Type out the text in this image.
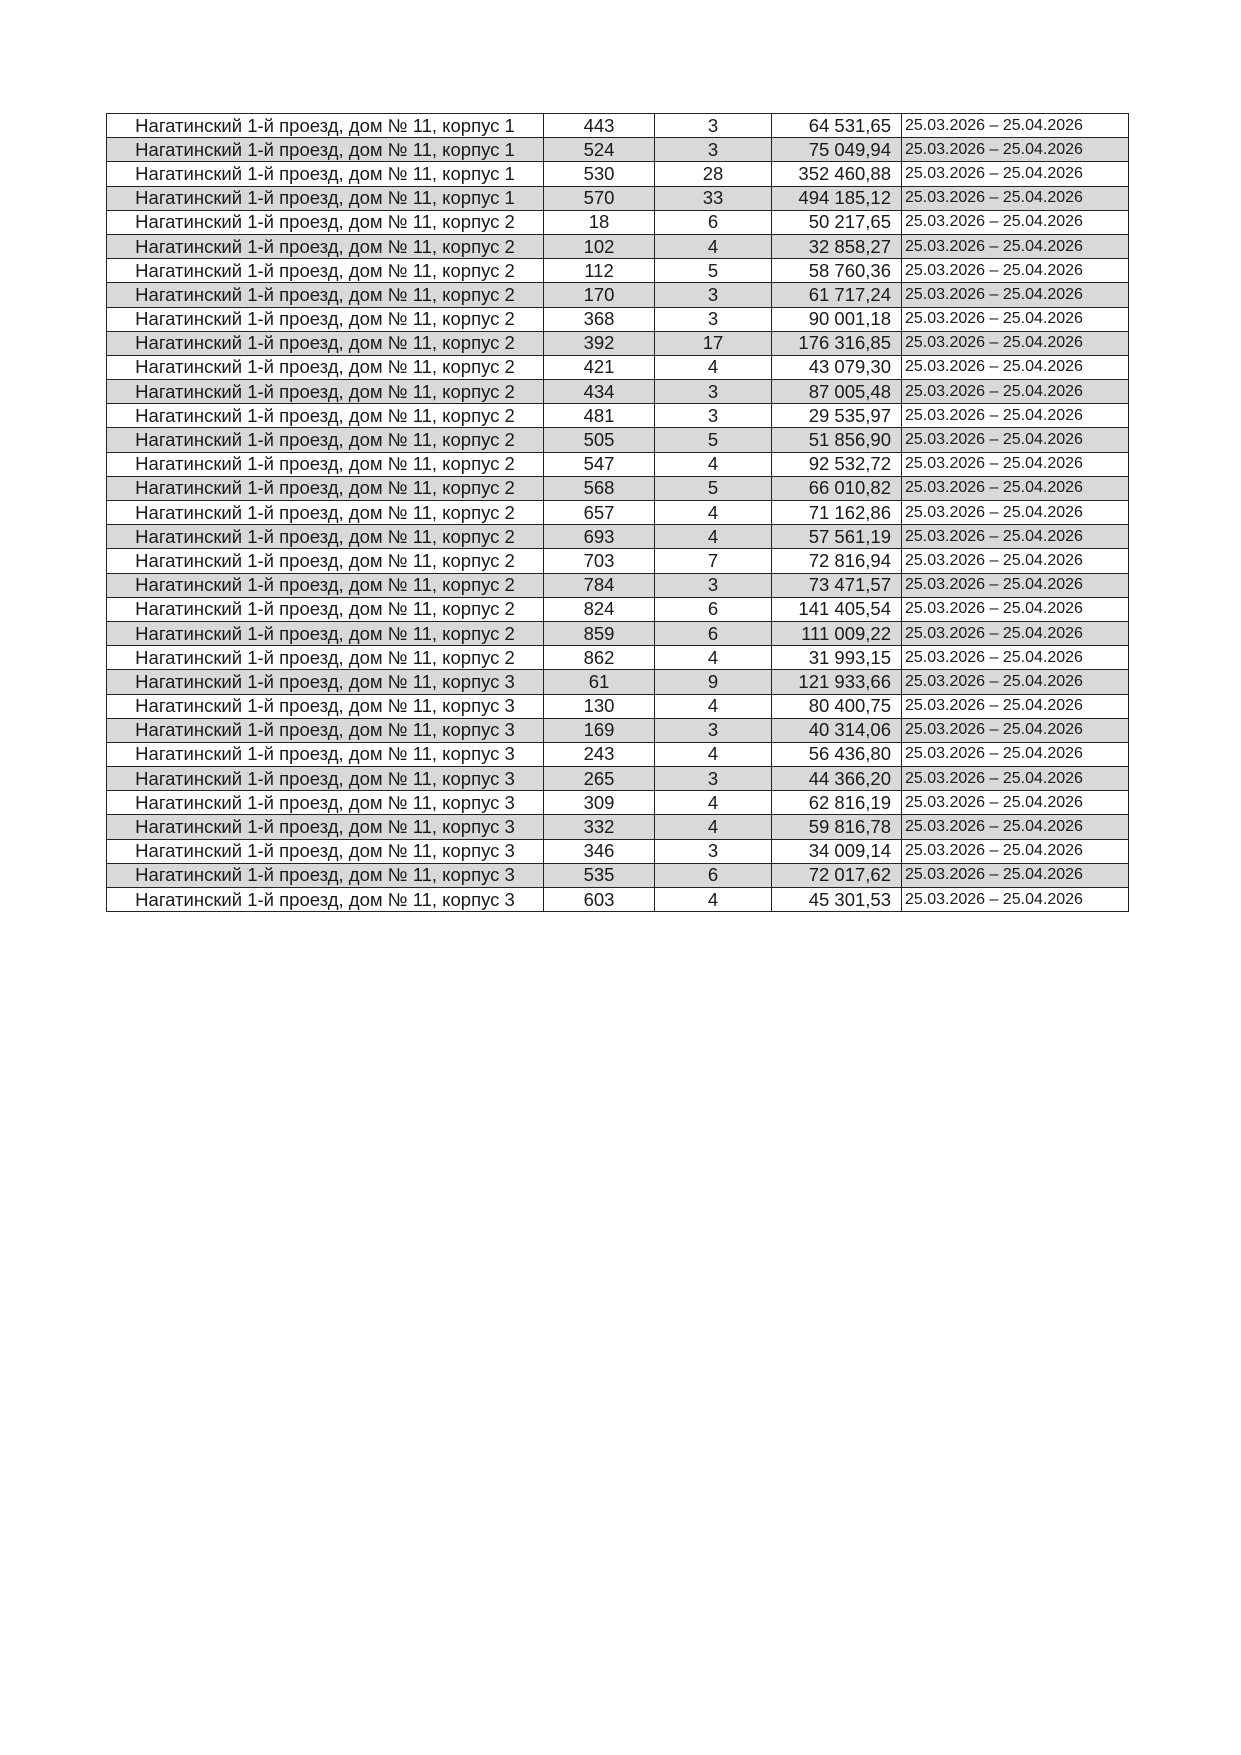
Нагатинский 1-й проезд, дом № 11, корпус 1	443	3	64 531,65	25.03.2026 – 25.04.2026
Нагатинский 1-й проезд, дом № 11, корпус 1	524	3	75 049,94	25.03.2026 – 25.04.2026
Нагатинский 1-й проезд, дом № 11, корпус 1	530	28	352 460,88	25.03.2026 – 25.04.2026
Нагатинский 1-й проезд, дом № 11, корпус 1	570	33	494 185,12	25.03.2026 – 25.04.2026
Нагатинский 1-й проезд, дом № 11, корпус 2	18	6	50 217,65	25.03.2026 – 25.04.2026
Нагатинский 1-й проезд, дом № 11, корпус 2	102	4	32 858,27	25.03.2026 – 25.04.2026
Нагатинский 1-й проезд, дом № 11, корпус 2	112	5	58 760,36	25.03.2026 – 25.04.2026
Нагатинский 1-й проезд, дом № 11, корпус 2	170	3	61 717,24	25.03.2026 – 25.04.2026
Нагатинский 1-й проезд, дом № 11, корпус 2	368	3	90 001,18	25.03.2026 – 25.04.2026
Нагатинский 1-й проезд, дом № 11, корпус 2	392	17	176 316,85	25.03.2026 – 25.04.2026
Нагатинский 1-й проезд, дом № 11, корпус 2	421	4	43 079,30	25.03.2026 – 25.04.2026
Нагатинский 1-й проезд, дом № 11, корпус 2	434	3	87 005,48	25.03.2026 – 25.04.2026
Нагатинский 1-й проезд, дом № 11, корпус 2	481	3	29 535,97	25.03.2026 – 25.04.2026
Нагатинский 1-й проезд, дом № 11, корпус 2	505	5	51 856,90	25.03.2026 – 25.04.2026
Нагатинский 1-й проезд, дом № 11, корпус 2	547	4	92 532,72	25.03.2026 – 25.04.2026
Нагатинский 1-й проезд, дом № 11, корпус 2	568	5	66 010,82	25.03.2026 – 25.04.2026
Нагатинский 1-й проезд, дом № 11, корпус 2	657	4	71 162,86	25.03.2026 – 25.04.2026
Нагатинский 1-й проезд, дом № 11, корпус 2	693	4	57 561,19	25.03.2026 – 25.04.2026
Нагатинский 1-й проезд, дом № 11, корпус 2	703	7	72 816,94	25.03.2026 – 25.04.2026
Нагатинский 1-й проезд, дом № 11, корпус 2	784	3	73 471,57	25.03.2026 – 25.04.2026
Нагатинский 1-й проезд, дом № 11, корпус 2	824	6	141 405,54	25.03.2026 – 25.04.2026
Нагатинский 1-й проезд, дом № 11, корпус 2	859	6	111 009,22	25.03.2026 – 25.04.2026
Нагатинский 1-й проезд, дом № 11, корпус 2	862	4	31 993,15	25.03.2026 – 25.04.2026
Нагатинский 1-й проезд, дом № 11, корпус 3	61	9	121 933,66	25.03.2026 – 25.04.2026
Нагатинский 1-й проезд, дом № 11, корпус 3	130	4	80 400,75	25.03.2026 – 25.04.2026
Нагатинский 1-й проезд, дом № 11, корпус 3	169	3	40 314,06	25.03.2026 – 25.04.2026
Нагатинский 1-й проезд, дом № 11, корпус 3	243	4	56 436,80	25.03.2026 – 25.04.2026
Нагатинский 1-й проезд, дом № 11, корпус 3	265	3	44 366,20	25.03.2026 – 25.04.2026
Нагатинский 1-й проезд, дом № 11, корпус 3	309	4	62 816,19	25.03.2026 – 25.04.2026
Нагатинский 1-й проезд, дом № 11, корпус 3	332	4	59 816,78	25.03.2026 – 25.04.2026
Нагатинский 1-й проезд, дом № 11, корпус 3	346	3	34 009,14	25.03.2026 – 25.04.2026
Нагатинский 1-й проезд, дом № 11, корпус 3	535	6	72 017,62	25.03.2026 – 25.04.2026
Нагатинский 1-й проезд, дом № 11, корпус 3	603	4	45 301,53	25.03.2026 – 25.04.2026
